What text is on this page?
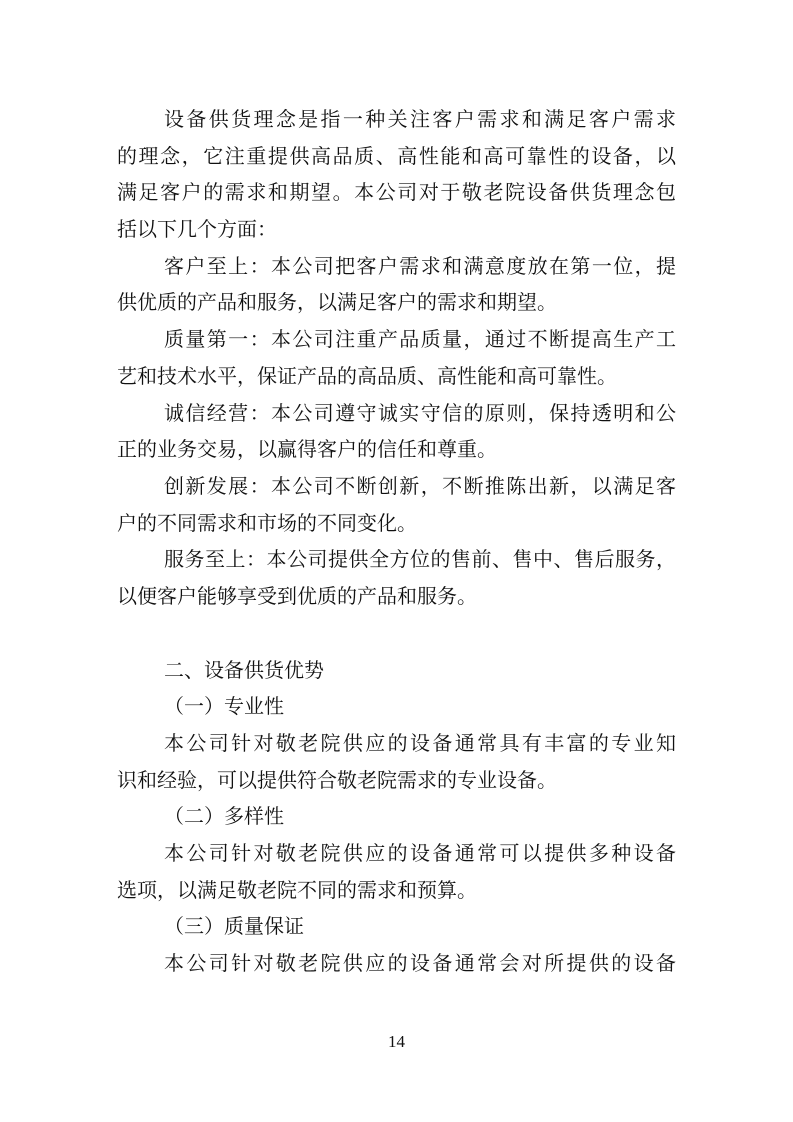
设备供货理念是指一种关注客户需求和满足客户需求
的理念，它注重提供高品质、高性能和高可靠性的设备，以
满足客户的需求和期望。本公司对于敬老院设备供货理念包
括以下几个方面：
客户至上：本公司把客户需求和满意度放在第一位，提
供优质的产品和服务，以满足客户的需求和期望。
质量第一：本公司注重产品质量，通过不断提高生产工
艺和技术水平，保证产品的高品质、高性能和高可靠性。
诚信经营：本公司遵守诚实守信的原则，保持透明和公
正的业务交易，以赢得客户的信任和尊重。
创新发展：本公司不断创新，不断推陈出新，以满足客
户的不同需求和市场的不同变化。
服务至上：本公司提供全方位的售前、售中、售后服务，
以便客户能够享受到优质的产品和服务。
二、设备供货优势
（一）专业性
本公司针对敬老院供应的设备通常具有丰富的专业知
识和经验，可以提供符合敬老院需求的专业设备。
（二）多样性
本公司针对敬老院供应的设备通常可以提供多种设备
选项，以满足敬老院不同的需求和预算。
（三）质量保证
本公司针对敬老院供应的设备通常会对所提供的设备
14
